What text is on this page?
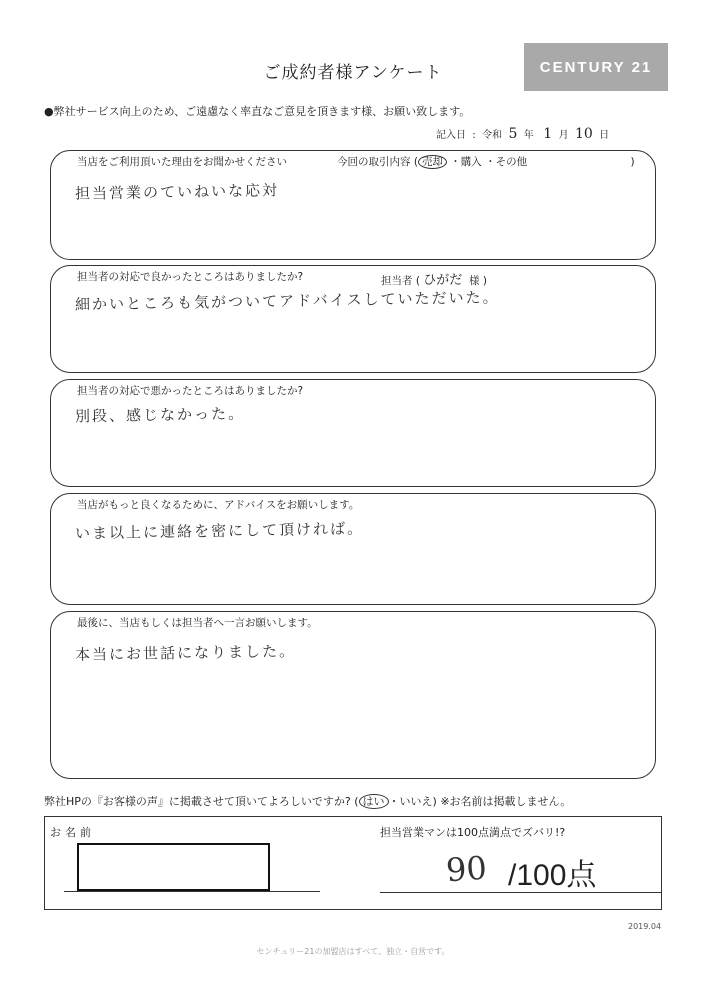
ご成約者様アンケート	CENTURY 21
●弊社サービス向上のため、ご遠慮なく率直なご意見を頂きます様、お願い致します。
記入日  :  令和 5 年 1 月 10 日
当店をご利用頂いた理由をお聞かせください	今回の取引内容 ( 売却 ・購入 ・その他	)
担当営業のていねいな応対
担当者の対応で良かったところはありましたか?	担当者 ( ひがだ 様 )
細かいところも気がついてアドバイスしていただいた。
担当者の対応で悪かったところはありましたか?
別段、感じなかった。
当店がもっと良くなるために、アドバイスをお願いします。
いま以上に連絡を密にして頂ければ。
最後に、当店もしくは担当者へ一言お願いします。
本当にお世話になりました。
弊社HPの『お客様の声』に掲載させて頂いてよろしいですか? ( はい ・いいえ) ※お名前は掲載しません。
お名前	担当営業マンは100点満点でズバリ!?
90 /100点
2019.04
センチュリー21の加盟店はすべて、独立・自営です。
